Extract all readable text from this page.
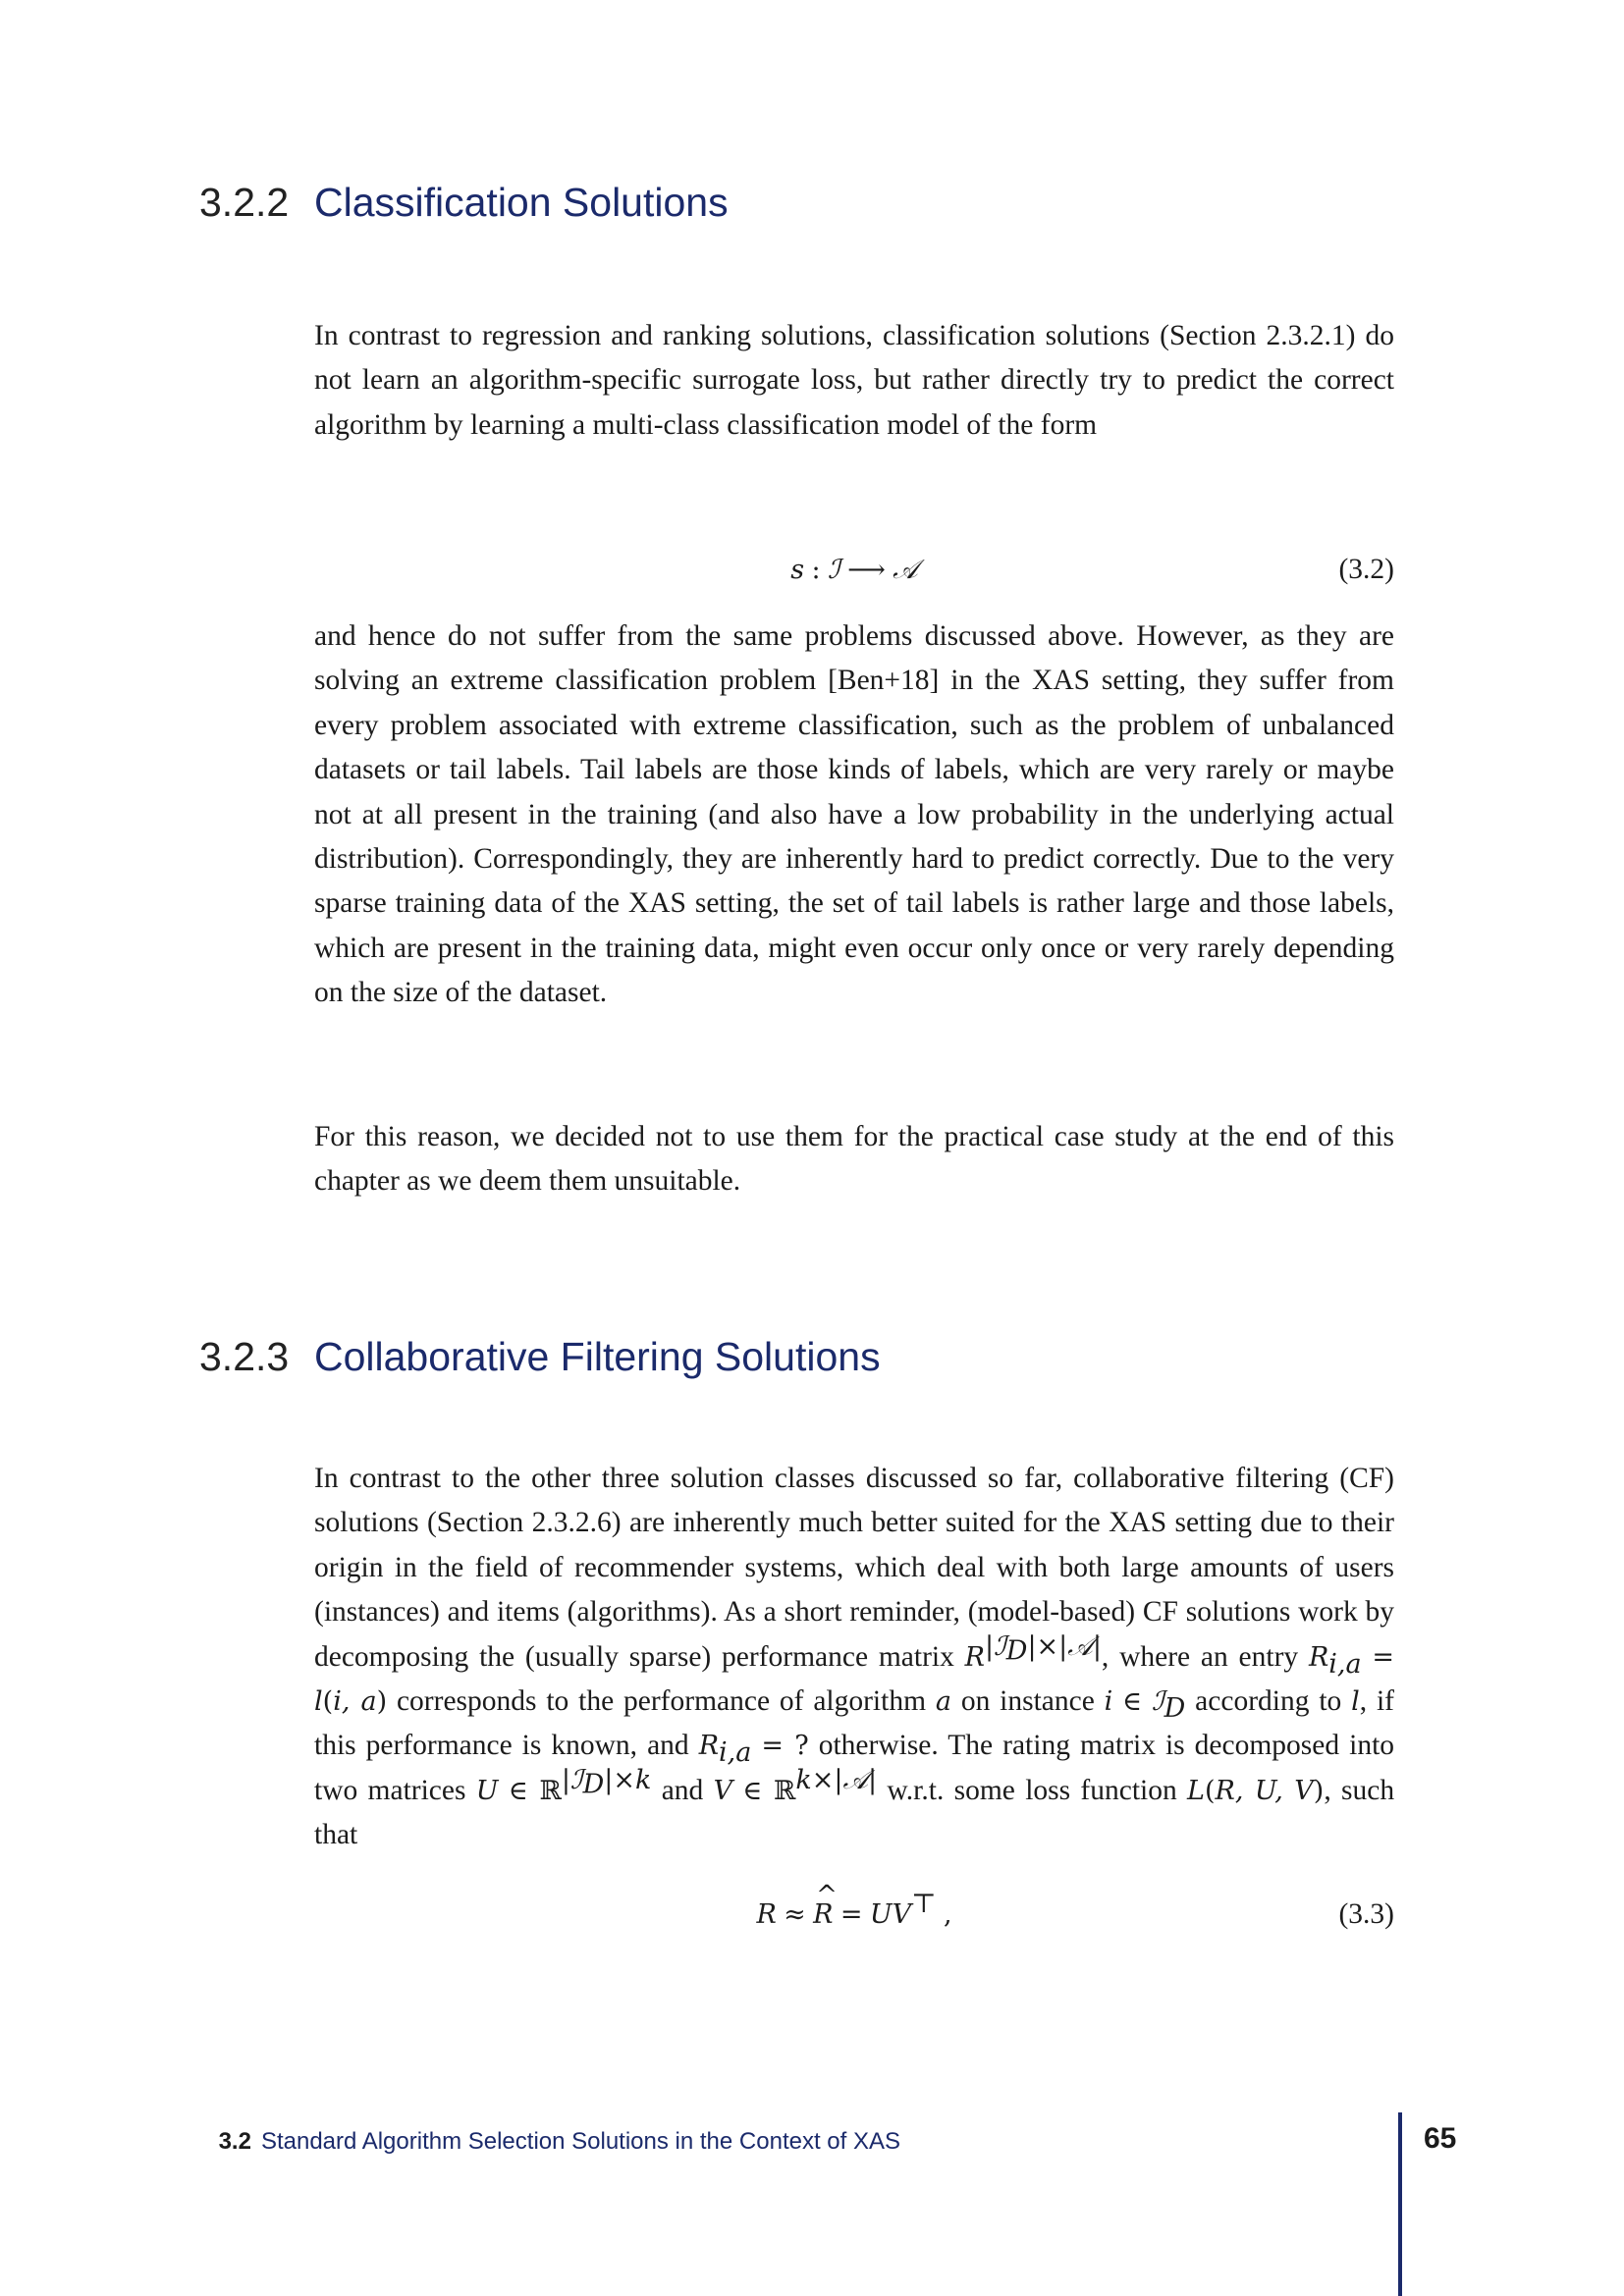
3.2.2 Classification Solutions

In contrast to regression and ranking solutions, classification solutions (Section 2.3.2.1) do not learn an algorithm-specific surrogate loss, but rather directly try to predict the correct algorithm by learning a multi-class classification model of the form

s : ℐ ⟶ 𝒜	(3.2)

and hence do not suffer from the same problems discussed above. However, as they are solving an extreme classification problem [Ben+18] in the XAS setting, they suffer from every problem associated with extreme classification, such as the problem of unbalanced datasets or tail labels. Tail labels are those kinds of labels, which are very rarely or maybe not at all present in the training (and also have a low probability in the underlying actual distribution). Correspondingly, they are inherently hard to predict correctly. Due to the very sparse training data of the XAS setting, the set of tail labels is rather large and those labels, which are present in the training data, might even occur only once or very rarely depending on the size of the dataset.

For this reason, we decided not to use them for the practical case study at the end of this chapter as we deem them unsuitable.

3.2.3 Collaborative Filtering Solutions

In contrast to the other three solution classes discussed so far, collaborative filtering (CF) solutions (Section 2.3.2.6) are inherently much better suited for the XAS setting due to their origin in the field of recommender systems, which deal with both large amounts of users (instances) and items (algorithms). As a short reminder, (model-based) CF solutions work by decomposing the (usually sparse) performance matrix $R^{|ℐ_D|\times|𝒜|}$, where an entry $R_{i,a} = l(i$, a) corresponds to the performance of algorithm a on instance i ∈ ℐ$_D$ according to l, if this performance is known, and $R_{i,a}$ = ? otherwise. The rating matrix is decomposed into two matrices U ∈ ℝ$^{|ℐ_D|\times k}$ and V ∈ ℝ$^{k\times|𝒜|}$ w.r.t. some loss function L(R, U, V), such that

R ≈ ^ R = UV⊤ ,	(3.3)
3.2 Standard Algorithm Selection Solutions in the Context of XAS	65
